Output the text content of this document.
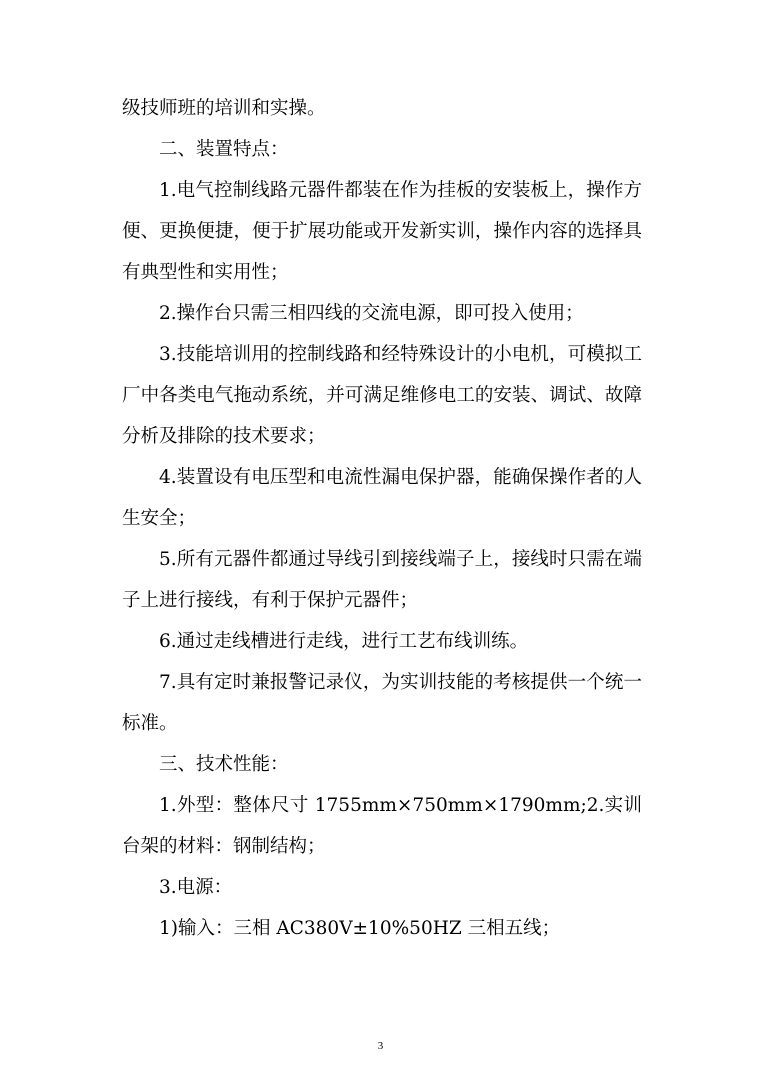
级技师班的培训和实操。

二、装置特点：

1.电气控制线路元器件都装在作为挂板的安装板上，操作方便、更换便捷，便于扩展功能或开发新实训，操作内容的选择具有典型性和实用性；

2.操作台只需三相四线的交流电源，即可投入使用；

3.技能培训用的控制线路和经特殊设计的小电机，可模拟工厂中各类电气拖动系统，并可满足维修电工的安装、调试、故障分析及排除的技术要求；

4.装置设有电压型和电流性漏电保护器，能确保操作者的人生安全；

5.所有元器件都通过导线引到接线端子上，接线时只需在端子上进行接线，有利于保护元器件；

6.通过走线槽进行走线，进行工艺布线训练。

7.具有定时兼报警记录仪，为实训技能的考核提供一个统一标准。

三、技术性能：

1.外型：整体尺寸 1755mm×750mm×1790mm;2.实训台架的材料：钢制结构；

3.电源：

1)输入：三相 AC380V±10%50HZ 三相五线；

3
